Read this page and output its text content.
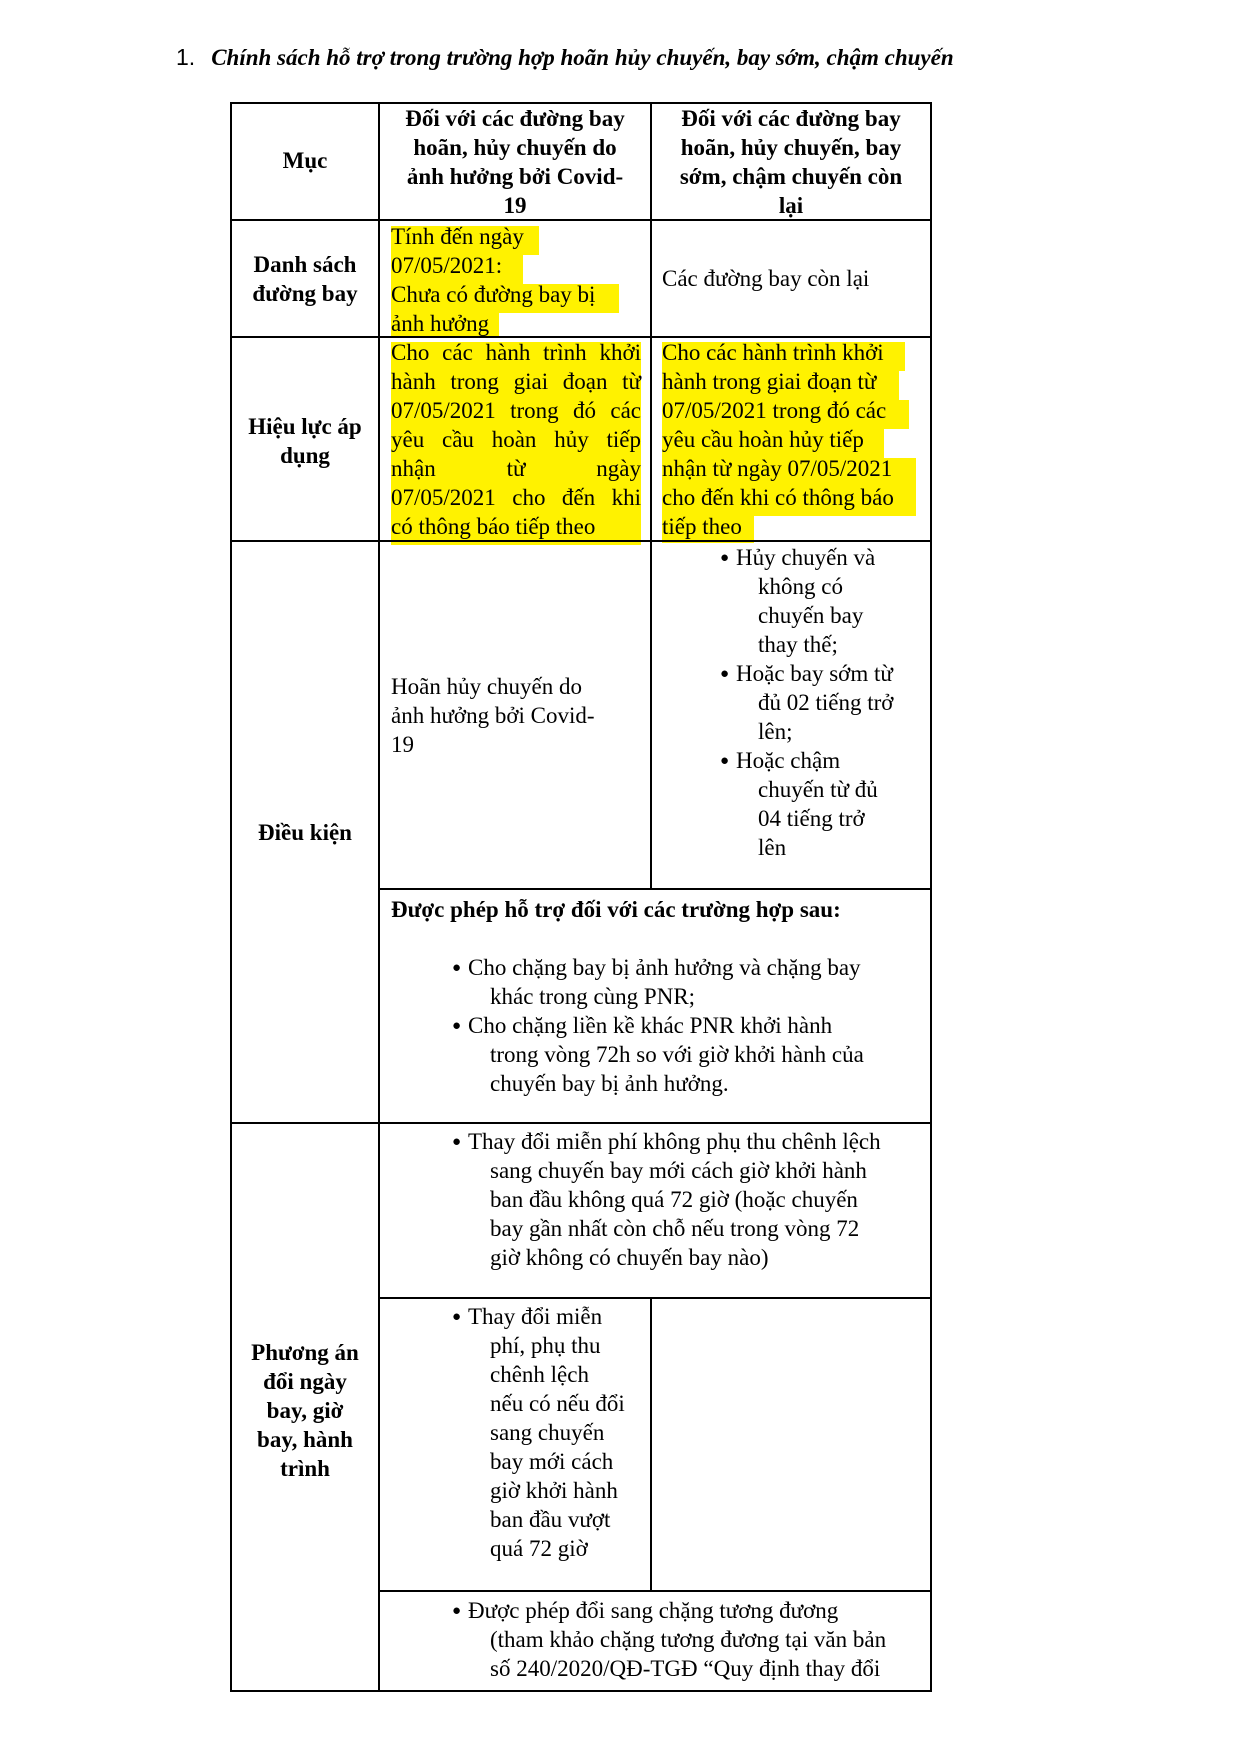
1. Chính sách hỗ trợ trong trường hợp hoãn hủy chuyến, bay sớm, chậm chuyến
Mục
Đối với các đường bay
hoãn, hủy chuyến do
ảnh hưởng bởi Covid-
19
Đối với các đường bay
hoãn, hủy chuyến, bay
sớm, chậm chuyến còn
lại
Danh sách
đường bay
Tính đến ngày
07/05/2021:
Chưa có đường bay bị
ảnh hưởng
Các đường bay còn lại
Hiệu lực áp
dụng
Cho các hành trình khởi
hành trong giai đoạn từ
07/05/2021 trong đó các
yêu cầu hoàn hủy tiếp
nhận từ ngày
07/05/2021 cho đến khi
có thông báo tiếp theo
Cho các hành trình khởi
hành trong giai đoạn từ
07/05/2021 trong đó các
yêu cầu hoàn hủy tiếp
nhận từ ngày 07/05/2021
cho đến khi có thông báo
tiếp theo
Điều kiện
Hoãn hủy chuyến do
ảnh hưởng bởi Covid-
19
● Hủy chuyến và
không có
chuyến bay
thay thế;
● Hoặc bay sớm từ
đủ 02 tiếng trở
lên;
● Hoặc chậm
chuyến từ đủ
04 tiếng trở
lên
Được phép hỗ trợ đối với các trường hợp sau:
● Cho chặng bay bị ảnh hưởng và chặng bay
khác trong cùng PNR;
● Cho chặng liền kề khác PNR khởi hành
trong vòng 72h so với giờ khởi hành của
chuyến bay bị ảnh hưởng.
Phương án
đổi ngày
bay, giờ
bay, hành
trình
● Thay đổi miễn phí không phụ thu chênh lệch
sang chuyến bay mới cách giờ khởi hành
ban đầu không quá 72 giờ (hoặc chuyến
bay gần nhất còn chỗ nếu trong vòng 72
giờ không có chuyến bay nào)
● Thay đổi miễn
phí, phụ thu
chênh lệch
nếu có nếu đổi
sang chuyến
bay mới cách
giờ khởi hành
ban đầu vượt
quá 72 giờ
● Được phép đổi sang chặng tương đương
(tham khảo chặng tương đương tại văn bản
số 240/2020/QĐ-TGĐ “Quy định thay đổi
